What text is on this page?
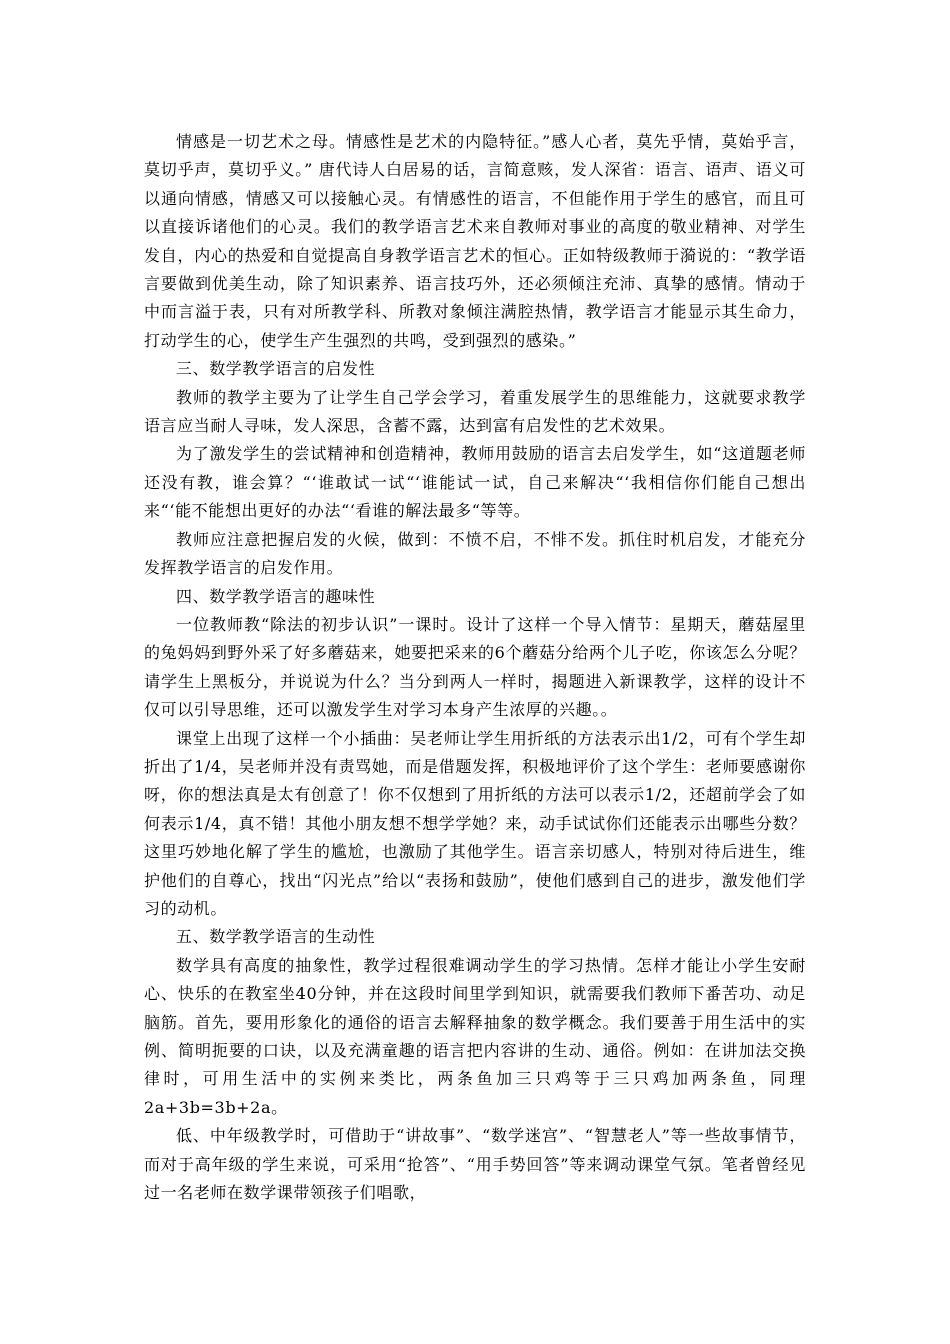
情感是一切艺术之母。情感性是艺术的内隐特征。”感人心者，莫先乎情，莫始乎言，莫切乎声，莫切乎义。” 唐代诗人白居易的话，言简意赅，发人深省：语言、语声、语义可以通向情感，情感又可以接触心灵。有情感性的语言，不但能作用于学生的感官，而且可以直接诉诸他们的心灵。我们的教学语言艺术来自教师对事业的高度的敬业精神、对学生发自，内心的热爱和自觉提高自身教学语言艺术的恒心。正如特级教师于漪说的：“教学语言要做到优美生动，除了知识素养、语言技巧外，还必须倾注充沛、真挚的感情。情动于中而言溢于表，只有对所教学科、所教对象倾注满腔热情，教学语言才能显示其生命力，打动学生的心，使学生产生强烈的共鸣，受到强烈的感染。”

三、数学教学语言的启发性

教师的教学主要为了让学生自己学会学习，着重发展学生的思维能力，这就要求教学语言应当耐人寻味，发人深思，含蓄不露，达到富有启发性的艺术效果。

为了激发学生的尝试精神和创造精神，教师用鼓励的语言去启发学生，如“这道题老师还没有教，谁会算？“‘谁敢试一试“‘谁能试一试，自己来解决“‘我相信你们能自己想出来“‘能不能想出更好的办法“‘看谁的解法最多“等等。

教师应注意把握启发的火候，做到：不愤不启，不悱不发。抓住时机启发，才能充分发挥教学语言的启发作用。

四、数学教学语言的趣味性

一位教师教“除法的初步认识”一课时。设计了这样一个导入情节：星期天，蘑菇屋里的兔妈妈到野外采了好多蘑菇来，她要把采来的6个蘑菇分给两个儿子吃，你该怎么分呢？请学生上黑板分，并说说为什么？当分到两人一样时，揭题进入新课教学，这样的设计不仅可以引导思维，还可以激发学生对学习本身产生浓厚的兴趣。。

课堂上出现了这样一个小插曲：吴老师让学生用折纸的方法表示出1/2，可有个学生却折出了1/4，吴老师并没有责骂她，而是借题发挥，积极地评价了这个学生：老师要感谢你呀，你的想法真是太有创意了！你不仅想到了用折纸的方法可以表示1/2，还超前学会了如何表示1/4，真不错！其他小朋友想不想学学她？来，动手试试你们还能表示出哪些分数？这里巧妙地化解了学生的尴尬，也激励了其他学生。语言亲切感人，特别对待后进生，维护他们的自尊心，找出“闪光点”给以“表扬和鼓励”，使他们感到自己的进步，激发他们学习的动机。

五、数学教学语言的生动性

数学具有高度的抽象性，教学过程很难调动学生的学习热情。怎样才能让小学生安耐心、快乐的在教室坐40分钟，并在这段时间里学到知识，就需要我们教师下番苦功、动足脑筋。首先，要用形象化的通俗的语言去解释抽象的数学概念。我们要善于用生活中的实例、简明扼要的口诀，以及充满童趣的语言把内容讲的生动、通俗。例如：在讲加法交换律时，可用生活中的实例来类比，两条鱼加三只鸡等于三只鸡加两条鱼，同理2a+3b=3b+2a。

低、中年级教学时，可借助于“讲故事”、“数学迷宫”、“智慧老人”等一些故事情节，而对于高年级的学生来说，可采用“抢答”、“用手势回答”等来调动课堂气氛。笔者曾经见过一名老师在数学课带领孩子们唱歌，
